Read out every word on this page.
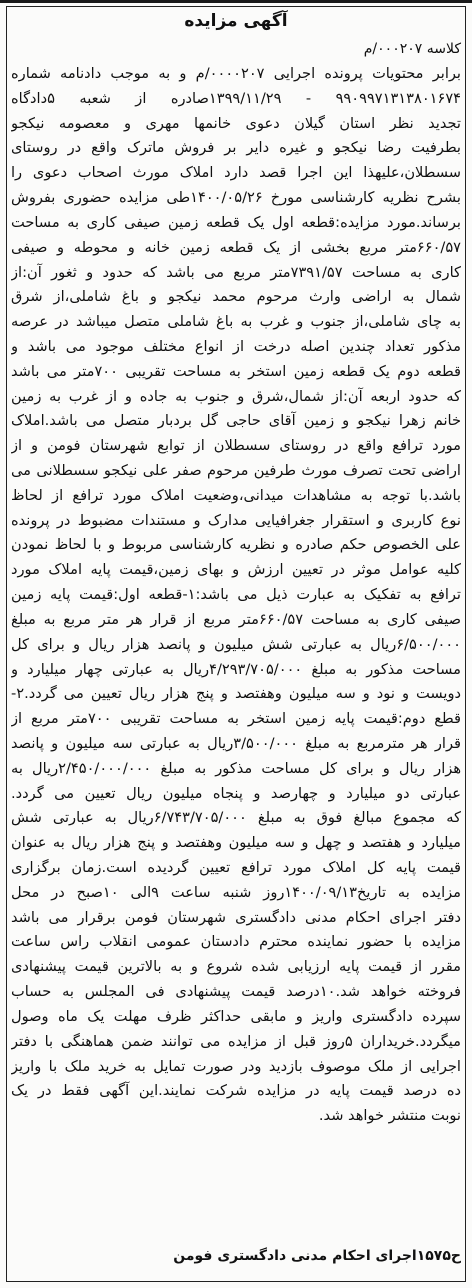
آگهی مزایده

کلاسه ۰۰۰۲۰۷/م

برابر محتویات پرونده اجرایی ۰۰۰۰۲۰۷/م و به موجب دادنامه شماره
۹۹۰۹۹۷۱۳۱۳۸۰۱۶۷۴ - ۱۳۹۹/۱۱/۲۹صادره از شعبه ۵دادگاه
تجدید نظر استان گیلان دعوی خانمها مهری و معصومه نیکجو
بطرفیت رضا نیکجو و غیره دایر بر فروش ماترک واقع در روستای
سسطلان،علیهذا این اجرا قصد دارد املاک مورث اصحاب دعوی را
بشرح نظریه کارشناسی مورخ ۱۴۰۰/۰۵/۲۶طی مزایده حضوری بفروش
برساند.مورد مزایده:قطعه اول یک قطعه زمین صیفی کاری به مساحت
۶۶۰/۵۷متر مربع بخشی از یک قطعه زمین خانه و محوطه و صیفی
کاری به مساحت ۷۳۹۱/۵۷متر مربع می باشد که حدود و ثغور آن:از
شمال به اراضی وارث مرحوم محمد نیکجو و باغ شاملی،از شرق
به چای شاملی،از جنوب و غرب به باغ شاملی متصل میباشد در عرصه
مذکور تعداد چندین اصله درخت از انواع مختلف موجود می باشد و
قطعه دوم یک قطعه زمین استخر به مساحت تقریبی ۷۰۰متر می باشد
که حدود اربعه آن:از شمال،شرق و جنوب به جاده و از غرب به زمین
خانم زهرا نیکجو و زمین آقای حاجی گل بردبار متصل می باشد.املاک
مورد ترافع واقع در روستای سسطلان از توابع شهرستان فومن و از
اراضی تحت تصرف مورث طرفین مرحوم صفر علی نیکجو سسطلانی می
باشد.با توجه به مشاهدات میدانی،وضعیت املاک مورد ترافع از لحاظ
نوع کاربری و استقرار جغرافیایی مدارک و مستندات مضبوط در پرونده
علی الخصوص حکم صادره و نظریه کارشناسی مربوط و با لحاظ نمودن
کلیه عوامل موثر در تعیین ارزش و بهای زمین،قیمت پایه املاک مورد
ترافع به تفکیک به عبارت ذیل می باشد:۱-قطعه اول:قیمت پایه زمین
صیفی کاری به مساحت ۶۶۰/۵۷متر مربع از قرار هر متر مربع به مبلغ
۶/۵۰۰/۰۰۰ریال به عبارتی شش میلیون و پانصد هزار ریال و برای کل
مساحت مذکور به مبلغ ۴/۲۹۳/۷۰۵/۰۰۰ریال به عبارتی چهار میلیارد و
دویست و نود و سه میلیون وهفتصد و پنج هزار ریال تعیین می گردد.۲-
قطع دوم:قیمت پایه زمین استخر به مساحت تقریبی ۷۰۰متر مربع از
قرار هر مترمربع به مبلغ ۳/۵۰۰/۰۰۰ریال به عبارتی سه میلیون و پانصد
هزار ریال و برای کل مساحت مذکور به مبلغ ۲/۴۵۰/۰۰۰/۰۰۰ریال به
عبارتی دو میلیارد و چهارصد و پنجاه میلیون ریال تعیین می گردد.
که مجموع مبالغ فوق به مبلغ ۶/۷۴۳/۷۰۵/۰۰۰ریال به عبارتی شش
میلیارد و هفتصد و چهل و سه میلیون وهفتصد و پنج هزار ریال به عنوان
قیمت پایه کل املاک مورد ترافع تعیین گردیده است.زمان برگزاری
مزایده به تاریخ۱۴۰۰/۰۹/۱۳روز شنبه ساعت ۹الی ۱۰صبح در محل
دفتر اجرای احکام مدنی دادگستری شهرستان فومن برقرار می باشد
مزایده با حضور نماینده محترم دادستان عمومی انقلاب راس ساعت
مقرر از قیمت پایه ارزیابی شده شروع و به بالاترین قیمت پیشنهادی
فروخته خواهد شد.۱۰درصد قیمت پیشنهادی فی المجلس به حساب
سپرده دادگستری واریز و مابقی حداکثر ظرف مهلت یک ماه وصول
میگردد.خریداران ۵روز قبل از مزایده می توانند ضمن هماهنگی با دفتر
اجرایی از ملک موصوف بازدید ودر صورت تمایل به خرید ملک با واریز
ده درصد قیمت پایه در مزایده شرکت نمایند.این آگهی فقط در یک
نوبت منتشر خواهد شد.

ح۱۵۷۵اجرای احکام مدنی دادگستری فومن
